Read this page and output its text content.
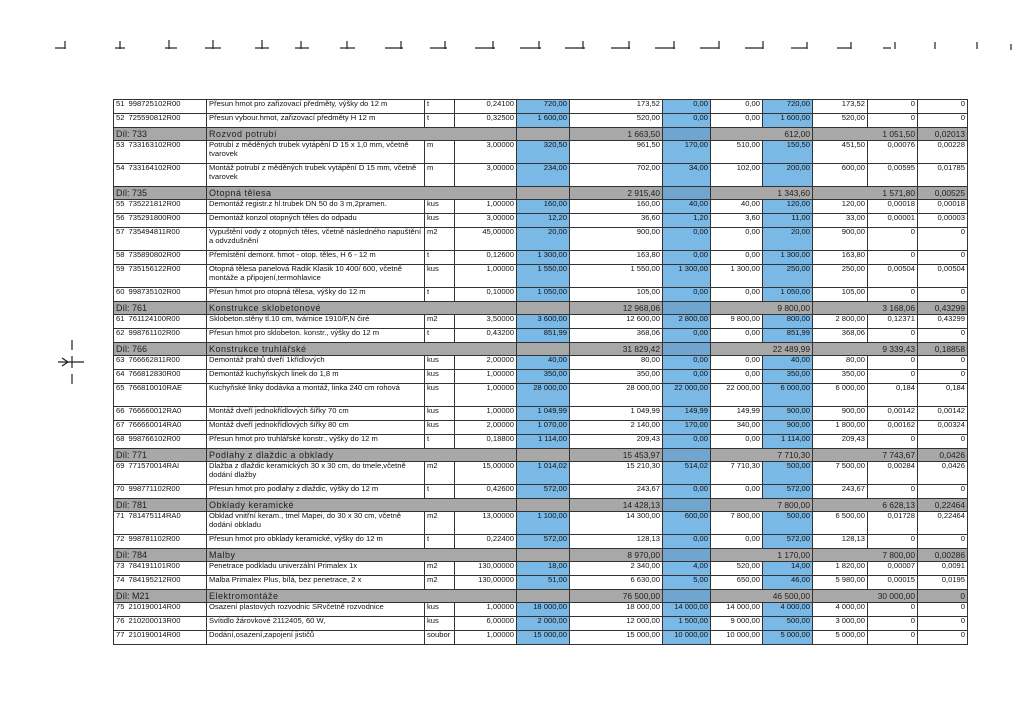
51	998725102R00	Přesun hmot pro zařizovací předměty, výšky do 12 m	t	0,24100	720,00	173,52	0,00	0,00	720,00	173,52	0	0
52	725590812R00	Přesun vybour.hmot, zařizovací předměty H 12 m	t	0,32500	1 600,00	520,00	0,00	0,00	1 600,00	520,00	0	0
Díl: 733		Rozvod potrubí				1 663,50		612,00		1 051,50		0,02013
53	733163102R00	Potrubí z měděných trubek vytápění D 15 x 1,0 mm, včetně tvarovek	m	3,00000	320,50	961,50	170,00	510,00	150,50	451,50	0,00076	0,00228
54	733164102R00	Montáž potrubí z měděných trubek vytápění D 15 mm, včetně tvarovek	m	3,00000	234,00	702,00	34,00	102,00	200,00	600,00	0,00595	0,01785
Díl: 735		Otopná tělesa				2 915,40		1 343,60		1 571,80		0,00525
55	735221812R00	Demontáž registr.z hl.trubek DN 50 do 3 m,2pramen.	kus	1,00000	160,00	160,00	40,00	40,00	120,00	120,00	0,00018	0,00018
56	735291800R00	Demontáž konzol otopných těles do odpadu	kus	3,00000	12,20	36,60	1,20	3,60	11,00	33,00	0,00001	0,00003
57	735494811R00	Vypuštění vody z otopných těles, včetně následného napuštění a odvzdušnění	m2	45,00000	20,00	900,00	0,00	0,00	20,00	900,00	0	0
58	735890802R00	Přemístění demont. hmot - otop. těles, H 6 - 12 m	t	0,12600	1 300,00	163,80	0,00	0,00	1 300,00	163,80	0	0
59	735156122R00	Otopná tělesa panelová Radik Klasik 10 400/ 600, včetně montáže a připojení,termohlavice	kus	1,00000	1 550,00	1 550,00	1 300,00	1 300,00	250,00	250,00	0,00504	0,00504
60	998735102R00	Přesun hmot pro otopná tělesa, výšky do 12 m	t	0,10000	1 050,00	105,00	0,00	0,00	1 050,00	105,00	0	0
Díl: 761		Konstrukce sklobetonové				12 968,06		9 800,00		3 168,06		0,43299
61	761124100R00	Sklobeton.stěny tl.10 cm, tvárnice 1910/F,N čiré	m2	3,50000	3 600,00	12 600,00	2 800,00	9 800,00	800,00	2 800,00	0,12371	0,43299
62	998761102R00	Přesun hmot pro sklobeton. konstr., výšky do 12 m	t	0,43200	851,99	368,06	0,00	0,00	851,99	368,06	0	0
Díl: 766		Konstrukce truhlářské				31 829,42		22 489,99		9 339,43		0,18858
63	766662811R00	Demontáž prahů dveří 1křídlových	kus	2,00000	40,00	80,00	0,00	0,00	40,00	80,00	0	0
64	766812830R00	Demontáž kuchyňských linek do 1,8 m	kus	1,00000	350,00	350,00	0,00	0,00	350,00	350,00	0	0
65	766810010RAE	Kuchyňské linky dodávka a montáž, linka 240 cm rohová	kus	1,00000	28 000,00	28 000,00	22 000,00	22 000,00	6 000,00	6 000,00	0,184	0,184
66	766660012RA0	Montáž dveří jednokřídlových šířky 70 cm	kus	1,00000	1 049,99	1 049,99	149,99	149,99	900,00	900,00	0,00142	0,00142
67	766660014RA0	Montáž dveří jednokřídlových šířky 80 cm	kus	2,00000	1 070,00	2 140,00	170,00	340,00	900,00	1 800,00	0,00162	0,00324
68	998766102R00	Přesun hmot pro truhlářské konstr., výšky do 12 m	t	0,18800	1 114,00	209,43	0,00	0,00	1 114,00	209,43	0	0
Díl: 771		Podlahy z dlaždic a obklady				15 453,97		7 710,30		7 743,67		0,0426
69	771570014RAI	Dlažba z dlaždic keramických 30 x 30 cm, do tmele,včetně dodání dlažby	m2	15,00000	1 014,02	15 210,30	514,02	7 710,30	500,00	7 500,00	0,00284	0,0426
70	998771102R00	Přesun hmot pro podlahy z dlaždic, výšky do 12 m	t	0,42600	572,00	243,67	0,00	0,00	572,00	243,67	0	0
Díl: 781		Obklady keramické				14 428,13		7 800,00		6 628,13		0,22464
71	781475114RA0	Obklad vnitřní keram., tmel Mapei, do 30 x 30 cm, včetně dodání obkladu	m2	13,00000	1 100,00	14 300,00	600,00	7 800,00	500,00	6 500,00	0,01728	0,22464
72	998781102R00	Přesun hmot pro obklady keramické, výšky do 12 m	t	0,22400	572,00	128,13	0,00	0,00	572,00	128,13	0	0
Díl: 784		Malby				8 970,00		1 170,00		7 800,00		0,00286
73	784191101R00	Penetrace podkladu univerzální Primalex 1x	m2	130,00000	18,00	2 340,00	4,00	520,00	14,00	1 820,00	0,00007	0,0091
74	784195212R00	Malba Primalex Plus, bílá, bez penetrace, 2 x	m2	130,00000	51,00	6 630,00	5,00	650,00	46,00	5 980,00	0,00015	0,0195
Díl: M21		Elektromontáže				76 500,00		46 500,00		30 000,00		0
75	210190014R00	Osazení plastových rozvodnic SRvčetně rozvodnice	kus	1,00000	18 000,00	18 000,00	14 000,00	14 000,00	4 000,00	4 000,00	0	0
76	210200013R00	Svítidlo žárovkové 2112405, 60 W,	kus	6,00000	2 000,00	12 000,00	1 500,00	9 000,00	500,00	3 000,00	0	0
77	210190014R00	Dodání,osazení,zapojení jističů	soubor	1,00000	15 000,00	15 000,00	10 000,00	10 000,00	5 000,00	5 000,00	0	0
